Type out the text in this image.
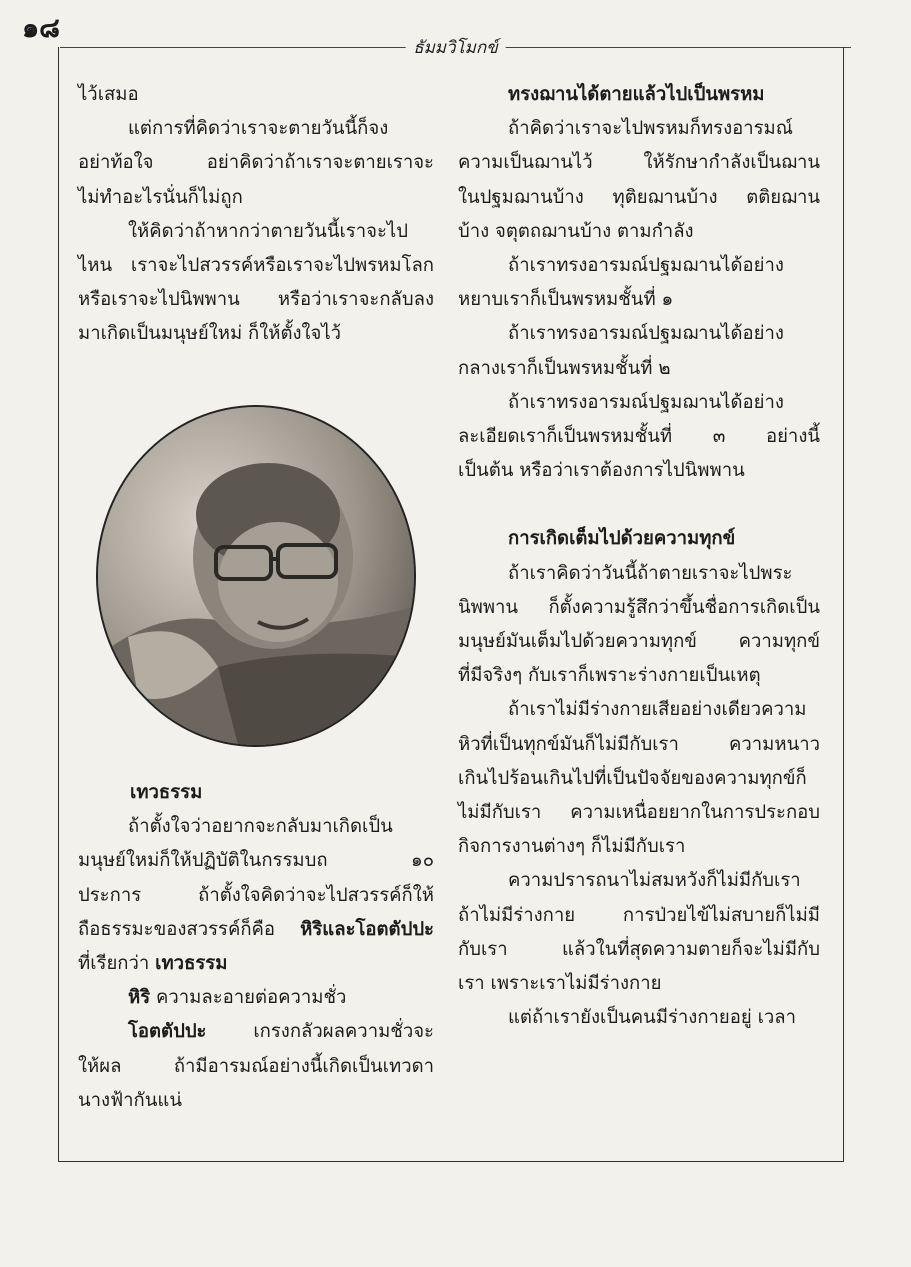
๑๘
ธัมมวิโมกข์

ไว้เสมอ

แต่การที่คิดว่าเราจะตายวันนี้ก็จง

อย่าท้อใจ อย่าคิดว่าถ้าเราจะตายเราจะ

ไม่ทำอะไรนั่นก็ไม่ถูก

ให้คิดว่าถ้าหากว่าตายวันนี้เราจะไป

ไหน เราจะไปสวรรค์หรือเราจะไปพรหมโลก

หรือเราจะไปนิพพาน หรือว่าเราจะกลับลง

มาเกิดเป็นมนุษย์ใหม่ ก็ให้ตั้งใจไว้

เทวธรรม

ถ้าตั้งใจว่าอยากจะกลับมาเกิดเป็น

มนุษย์ใหม่ก็ให้ปฏิบัติในกรรมบถ ๑๐

ประการ ถ้าตั้งใจคิดว่าจะไปสวรรค์ก็ให้

ถือธรรมะของสวรรค์ก็คือ หิริและโอตตัปปะ

ที่เรียกว่า เทวธรรม

หิริ ความละอายต่อความชั่ว

โอตตัปปะ เกรงกลัวผลความชั่วจะ

ให้ผล ถ้ามีอารมณ์อย่างนี้เกิดเป็นเทวดา

นางฟ้ากันแน่

ทรงฌานได้ตายแล้วไปเป็นพรหม

ถ้าคิดว่าเราจะไปพรหมก็ทรงอารมณ์

ความเป็นฌานไว้ ให้รักษากำลังเป็นฌาน

ในปฐมฌานบ้าง ทุติยฌานบ้าง ตติยฌาน

บ้าง จตุตถฌานบ้าง ตามกำลัง

ถ้าเราทรงอารมณ์ปฐมฌานได้อย่าง

หยาบเราก็เป็นพรหมชั้นที่ ๑

ถ้าเราทรงอารมณ์ปฐมฌานได้อย่าง

กลางเราก็เป็นพรหมชั้นที่ ๒

ถ้าเราทรงอารมณ์ปฐมฌานได้อย่าง

ละเอียดเราก็เป็นพรหมชั้นที่ ๓ อย่างนี้

เป็นต้น หรือว่าเราต้องการไปนิพพาน

การเกิดเต็มไปด้วยความทุกข์

ถ้าเราคิดว่าวันนี้ถ้าตายเราจะไปพระ

นิพพาน ก็ตั้งความรู้สึกว่าขึ้นชื่อการเกิดเป็น

มนุษย์มันเต็มไปด้วยความทุกข์ ความทุกข์

ที่มีจริงๆ กับเราก็เพราะร่างกายเป็นเหตุ

ถ้าเราไม่มีร่างกายเสียอย่างเดียวความ

หิวที่เป็นทุกข์มันก็ไม่มีกับเรา ความหนาว

เกินไปร้อนเกินไปที่เป็นปัจจัยของความทุกข์ก็

ไม่มีกับเรา ความเหนื่อยยากในการประกอบ

กิจการงานต่างๆ ก็ไม่มีกับเรา

ความปรารถนาไม่สมหวังก็ไม่มีกับเรา

ถ้าไม่มีร่างกาย การป่วยไข้ไม่สบายก็ไม่มี

กับเรา แล้วในที่สุดความตายก็จะไม่มีกับ

เรา เพราะเราไม่มีร่างกาย

แต่ถ้าเรายังเป็นคนมีร่างกายอยู่ เวลา
